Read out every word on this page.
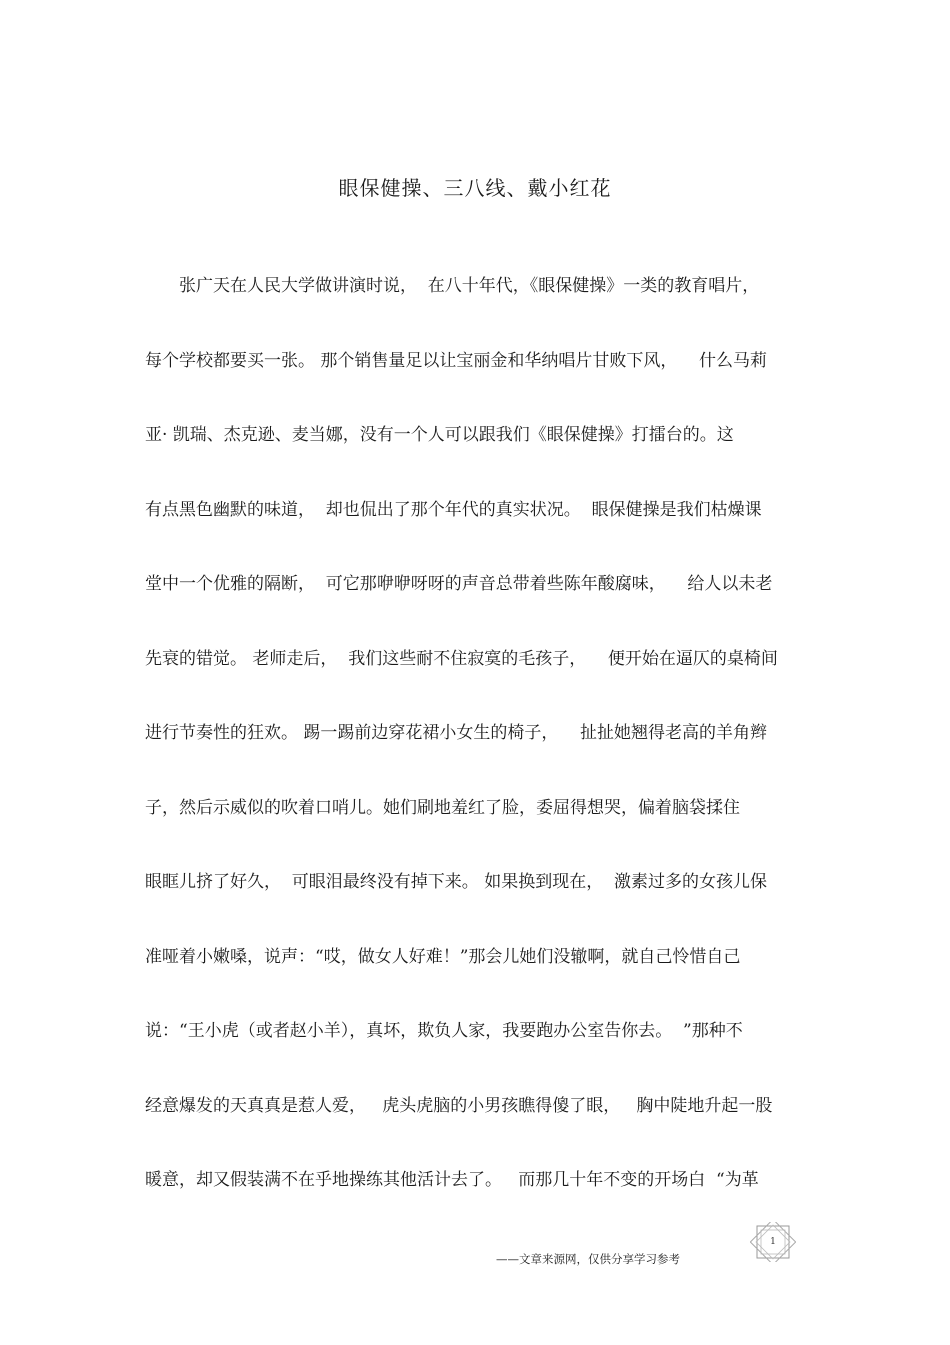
眼保健操、三八线、戴小红花
张广天在人民大学做讲演时说，  在八十年代，《眼保健操》一类的教育唱片，
每个学校都要买一张。 那个销售量足以让宝丽金和华纳唱片甘败下风，    什么马莉
亚· 凯瑞、杰克逊、麦当娜，没有一个人可以跟我们《眼保健操》打擂台的。这
有点黑色幽默的味道，  却也侃出了那个年代的真实状况。  眼保健操是我们枯燥课
堂中一个优雅的隔断，  可它那咿咿呀呀的声音总带着些陈年酸腐味，    给人以未老
先衰的错觉。 老师走后，  我们这些耐不住寂寞的毛孩子，    便开始在逼仄的桌椅间
进行节奏性的狂欢。 踢一踢前边穿花裙小女生的椅子，    扯扯她翘得老高的羊角辫
子，然后示威似的吹着口哨儿。她们刷地羞红了脸，委屈得想哭，偏着脑袋揉住
眼眶儿挤了好久，  可眼泪最终没有掉下来。 如果换到现在，  激素过多的女孩儿保
准哑着小嫩嗓，说声：“哎，做女人好难！”那会儿她们没辙啊，就自己怜惜自己
说：“王小虎（或者赵小羊），真坏，欺负人家，我要跑办公室告你去。  ”那种不
经意爆发的天真真是惹人爱，   虎头虎脑的小男孩瞧得傻了眼，   胸中陡地升起一股
暖意，却又假装满不在乎地操练其他活计去了。   而那几十年不变的开场白  “为革
1
——文章来源网，仅供分享学习参考
